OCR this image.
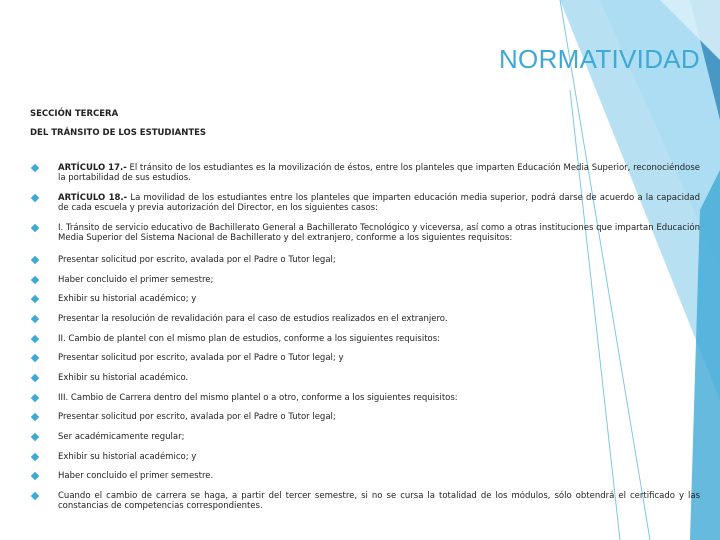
NORMATIVIDAD
SECCIÓN TERCERA
DEL TRÁNSITO DE LOS ESTUDIANTES
ARTÍCULO 17.- El tránsito de los estudiantes es la movilización de éstos, entre los planteles que imparten Educación Media Superior, reconociéndose la portabilidad de sus estudios.
ARTÍCULO 18.- La movilidad de los estudiantes entre los planteles que imparten educación media superior, podrá darse de acuerdo a la capacidad de cada escuela y previa autorización del Director, en los siguientes casos:
I. Tránsito de servicio educativo de Bachillerato General a Bachillerato Tecnológico y viceversa, así como a otras instituciones que impartan Educación Media Superior del Sistema Nacional de Bachillerato y del extranjero, conforme a los siguientes requisitos:
Presentar solicitud por escrito, avalada por el Padre o Tutor legal;
Haber concluido el primer semestre;
Exhibir su historial académico; y
Presentar la resolución de revalidación para el caso de estudios realizados en el extranjero.
II. Cambio de plantel con el mismo plan de estudios, conforme a los siguientes requisitos:
Presentar solicitud por escrito, avalada por el Padre o Tutor legal; y
Exhibir su historial académico.
III. Cambio de Carrera dentro del mismo plantel o a otro, conforme a los siguientes requisitos:
Presentar solicitud por escrito, avalada por el Padre o Tutor legal;
Ser académicamente regular;
Exhibir su historial académico; y
Haber concluido el primer semestre.
Cuando el cambio de carrera se haga, a partir del tercer semestre, si no se cursa la totalidad de los módulos, sólo obtendrá el certificado y las constancias de competencias correspondientes.
